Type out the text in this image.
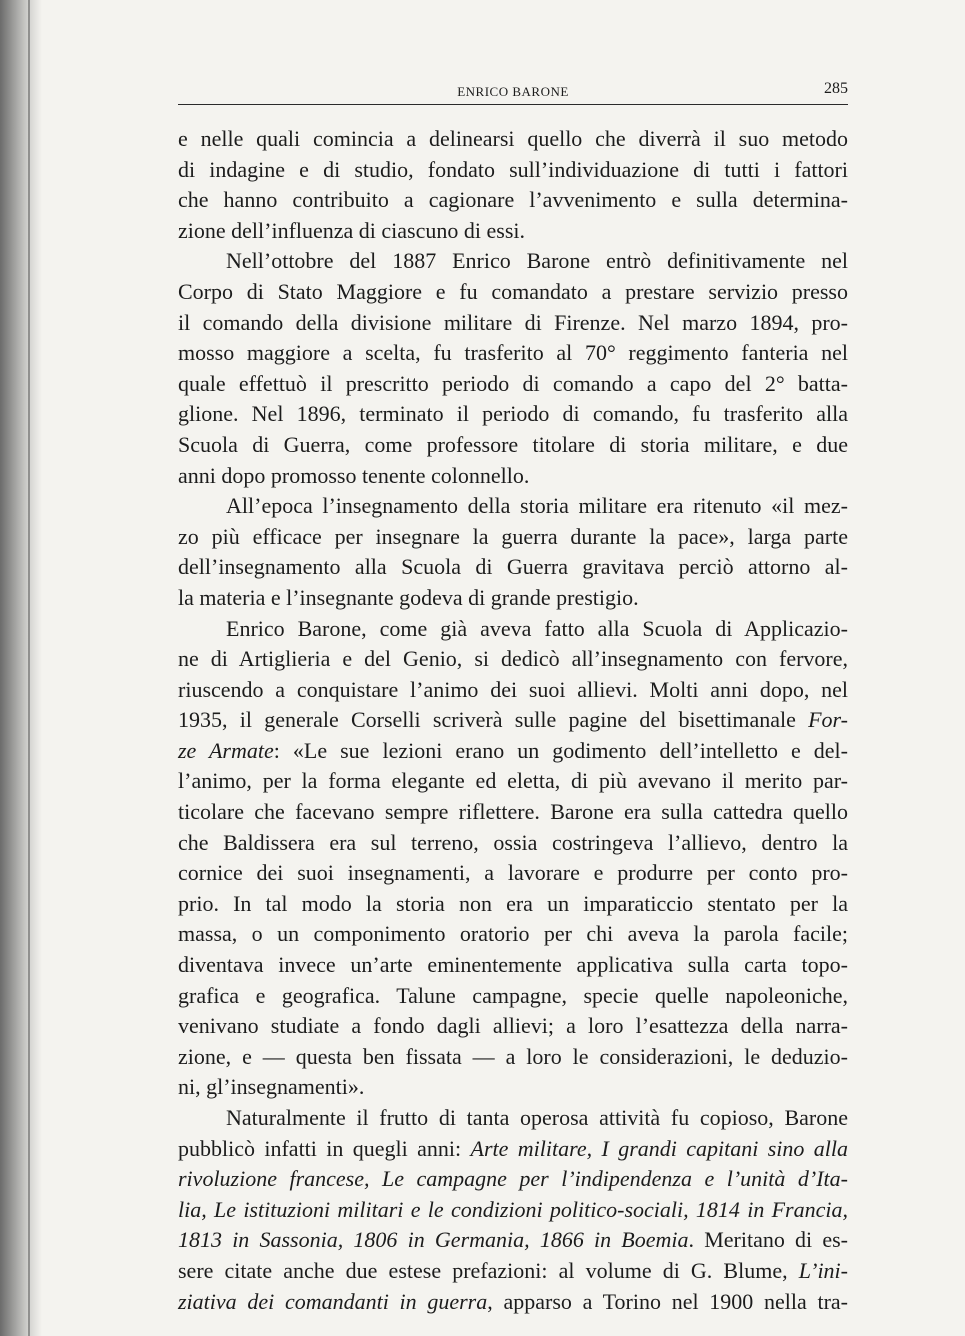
ENRICO BARONE	285
e nelle quali comincia a delinearsi quello che diverrà il suo metodo
di indagine e di studio, fondato sull’individuazione di tutti i fattori
che hanno contribuito a cagionare l’avvenimento e sulla determina-
zione dell’influenza di ciascuno di essi.
Nell’ottobre del 1887 Enrico Barone entrò definitivamente nel
Corpo di Stato Maggiore e fu comandato a prestare servizio presso
il comando della divisione militare di Firenze. Nel marzo 1894, pro-
mosso maggiore a scelta, fu trasferito al 70° reggimento fanteria nel
quale effettuò il prescritto periodo di comando a capo del 2° batta-
glione. Nel 1896, terminato il periodo di comando, fu trasferito alla
Scuola di Guerra, come professore titolare di storia militare, e due
anni dopo promosso tenente colonnello.
All’epoca l’insegnamento della storia militare era ritenuto «il mez-
zo più efficace per insegnare la guerra durante la pace», larga parte
dell’insegnamento alla Scuola di Guerra gravitava perciò attorno al-
la materia e l’insegnante godeva di grande prestigio.
Enrico Barone, come già aveva fatto alla Scuola di Applicazio-
ne di Artiglieria e del Genio, si dedicò all’insegnamento con fervore,
riuscendo a conquistare l’animo dei suoi allievi. Molti anni dopo, nel
1935, il generale Corselli scriverà sulle pagine del bisettimanale For-
ze Armate: «Le sue lezioni erano un godimento dell’intelletto e del-
l’animo, per la forma elegante ed eletta, di più avevano il merito par-
ticolare che facevano sempre riflettere. Barone era sulla cattedra quello
che Baldissera era sul terreno, ossia costringeva l’allievo, dentro la
cornice dei suoi insegnamenti, a lavorare e produrre per conto pro-
prio. In tal modo la storia non era un imparaticcio stentato per la
massa, o un componimento oratorio per chi aveva la parola facile;
diventava invece un’arte eminentemente applicativa sulla carta topo-
grafica e geografica. Talune campagne, specie quelle napoleoniche,
venivano studiate a fondo dagli allievi; a loro l’esattezza della narra-
zione, e — questa ben fissata — a loro le considerazioni, le deduzio-
ni, gl’insegnamenti».
Naturalmente il frutto di tanta operosa attività fu copioso, Barone
pubblicò infatti in quegli anni: Arte militare, I grandi capitani sino alla
rivoluzione francese, Le campagne per l’indipendenza e l’unità d’Ita-
lia, Le istituzioni militari e le condizioni politico-sociali, 1814 in Francia,
1813 in Sassonia, 1806 in Germania, 1866 in Boemia. Meritano di es-
sere citate anche due estese prefazioni: al volume di G. Blume, L’ini-
ziativa dei comandanti in guerra, apparso a Torino nel 1900 nella tra-
